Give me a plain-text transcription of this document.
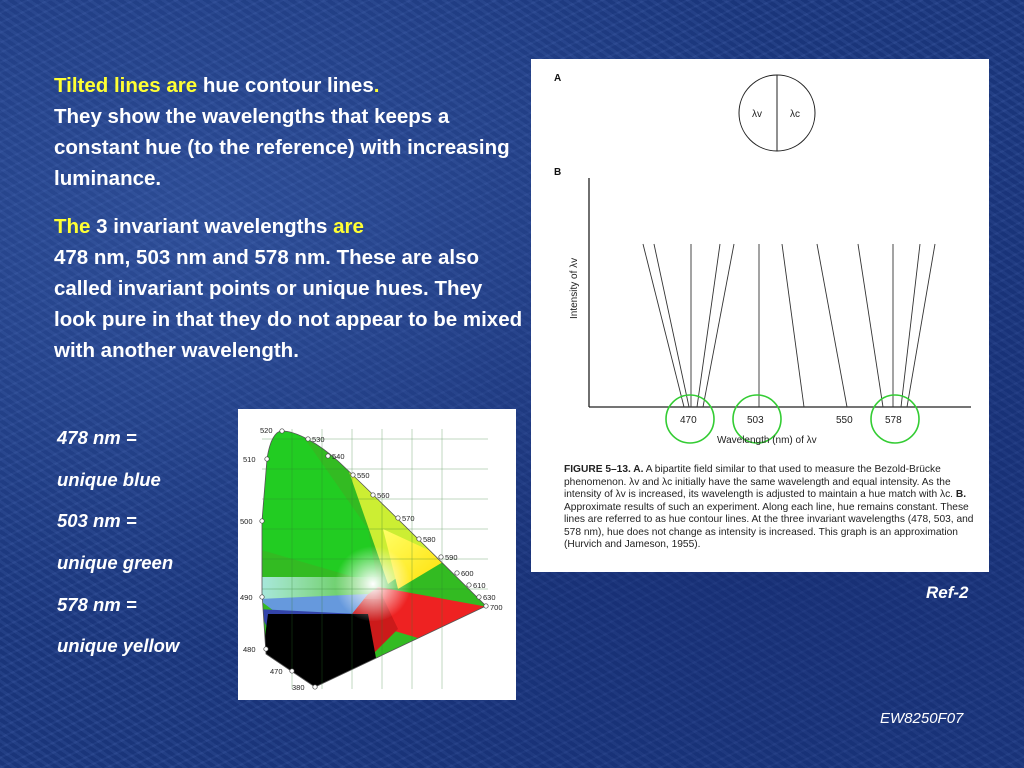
Tilted lines are hue contour lines.
They show the wavelengths that keeps a constant hue (to the reference) with increasing luminance.

The 3 invariant wavelengths are
478 nm, 503 nm and 578 nm. These are also called invariant points or unique hues. They look pure in that they do not appear to be mixed with another wavelength.

478 nm =
unique blue
503 nm =
unique green
578 nm =
unique yellow
520
530
540
550
560
570
580
590
600
610
630
700
510
500
490
480
470
380
A
B
λv	λc
Intensity of λv
470	503	550	578
Wavelength (nm) of λv
FIGURE 5–13. A. A bipartite field similar to that used to measure the Bezold-Brücke phenomenon. λv and λc initially have the same wavelength and equal intensity. As the intensity of λv is increased, its wavelength is adjusted to maintain a hue match with λc. B. Approximate results of such an experiment. Along each line, hue remains constant. These lines are referred to as hue contour lines. At the three invariant wavelengths (478, 503, and 578 nm), hue does not change as intensity is increased. This graph is an approximation (Hurvich and Jameson, 1955).
Ref-2
EW8250F07
